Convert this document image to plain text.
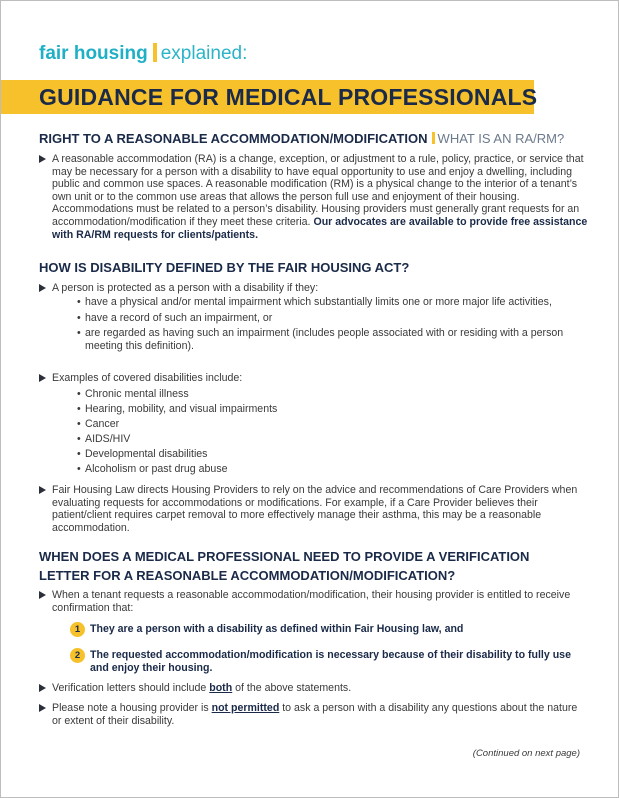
fair housing explained:
GUIDANCE FOR MEDICAL PROFESSIONALS
RIGHT TO A REASONABLE ACCOMMODATION/MODIFICATION WHAT IS AN RA/RM?
A reasonable accommodation (RA) is a change, exception, or adjustment to a rule, policy, practice, or service that may be necessary for a person with a disability to have equal opportunity to use and enjoy a dwelling, including public and common use spaces. A reasonable modification (RM) is a physical change to the interior of a tenant’s own unit or to the common use areas that allows the person full use and enjoyment of their housing. Accommodations must be related to a person’s disability. Housing providers must generally grant requests for an accommodation/modification if they meet these criteria. Our advocates are available to provide free assistance with RA/RM requests for clients/patients.
HOW IS DISABILITY DEFINED BY THE FAIR HOUSING ACT?
A person is protected as a person with a disability if they:
• have a physical and/or mental impairment which substantially limits one or more major life activities,
• have a record of such an impairment, or
• are regarded as having such an impairment (includes people associated with or residing with a person meeting this definition).
Examples of covered disabilities include:
• Chronic mental illness
• Hearing, mobility, and visual impairments
• Cancer
• AIDS/HIV
• Developmental disabilities
• Alcoholism or past drug abuse
Fair Housing Law directs Housing Providers to rely on the advice and recommendations of Care Providers when evaluating requests for accommodations or modifications. For example, if a Care Provider believes their patient/client requires carpet removal to more effectively manage their asthma, this may be a reasonable accommodation.
WHEN DOES A MEDICAL PROFESSIONAL NEED TO PROVIDE A VERIFICATION
LETTER FOR A REASONABLE ACCOMMODATION/MODIFICATION?
When a tenant requests a reasonable accommodation/modification, their housing provider is entitled to receive confirmation that:
1 They are a person with a disability as defined within Fair Housing law, and
2 The requested accommodation/modification is necessary because of their disability to fully use and enjoy their housing.
Verification letters should include both of the above statements.
Please note a housing provider is not permitted to ask a person with a disability any questions about the nature or extent of their disability.
(Continued on next page)
